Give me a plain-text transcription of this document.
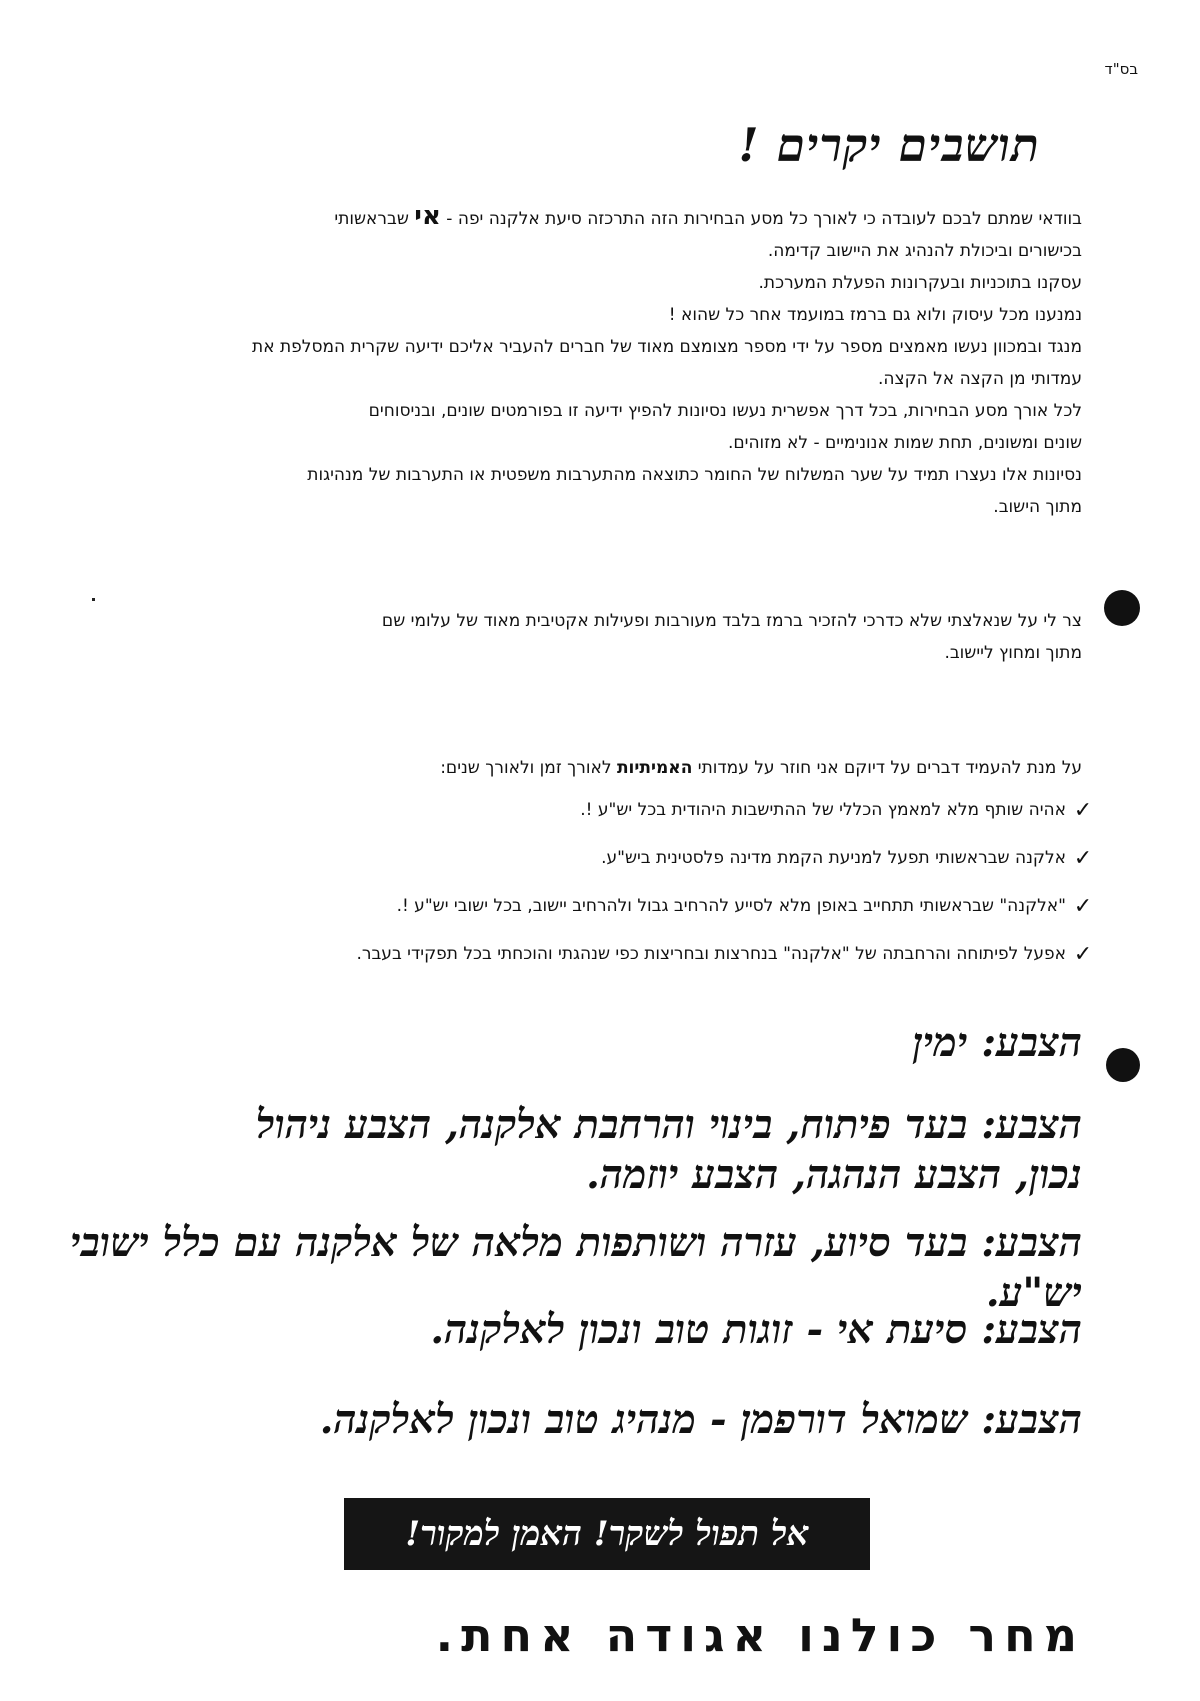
בס"ד
תושבים יקרים !

בוודאי שמתם לבכם לעובדה כי לאורך כל מסע הבחירות הזה התרכזה סיעת אלקנה יפה - אי שבראשותי

בכישורים וביכולת להנהיג את היישוב קדימה.

עסקנו בתוכניות ובעקרונות הפעלת המערכת.

נמנענו מכל עיסוק ולוא גם ברמז במועמד אחר כל שהוא !

מנגד ובמכוון נעשו מאמצים מספר על ידי מספר מצומצם מאוד של חברים להעביר אליכם ידיעה שקרית המסלפת את

עמדותי מן הקצה אל הקצה.

לכל אורך מסע הבחירות, בכל דרך אפשרית נעשו נסיונות להפיץ ידיעה זו בפורמטים שונים, ובניסוחים

שונים ומשונים, תחת שמות אנונימיים - לא מזוהים.

נסיונות אלו נעצרו תמיד על שער המשלוח של החומר כתוצאה מהתערבות משפטית או התערבות של מנהיגות

מתוך הישוב.

צר לי על שנאלצתי שלא כדרכי להזכיר ברמז בלבד מעורבות ופעילות אקטיבית מאוד של עלומי שם

מתוך ומחוץ ליישוב.

על מנת להעמיד דברים על דיוקם אני חוזר על עמדותי האמיתיות לאורך זמן ולאורך שנים:
✓
אהיה שותף מלא למאמץ הכללי של ההתישבות היהודית בכל יש"ע !.
✓
אלקנה שבראשותי תפעל למניעת הקמת מדינה פלסטינית ביש"ע.
✓
"אלקנה" שבראשותי תתחייב באופן מלא לסייע להרחיב גבול ולהרחיב יישוב, בכל ישובי יש"ע !.
✓
אפעל לפיתוחה והרחבתה של "אלקנה" בנחרצות ובחריצות כפי שנהגתי והוכחתי בכל תפקידי בעבר.
הצבע: ימין
הצבע: בעד פיתוח, בינוי והרחבת אלקנה, הצבע ניהול נכון, הצבע הנהגה, הצבע יוזמה.
הצבע: בעד סיוע, עזרה ושותפות מלאה של אלקנה עם כלל ישובי יש"ע.
הצבע: סיעת אי - זוגות טוב ונכון לאלקנה.
הצבע: שמואל דורפמן - מנהיג טוב ונכון לאלקנה.
אל תפול לשקר! האמן למקור!
מחר כולנו אגודה אחת.
